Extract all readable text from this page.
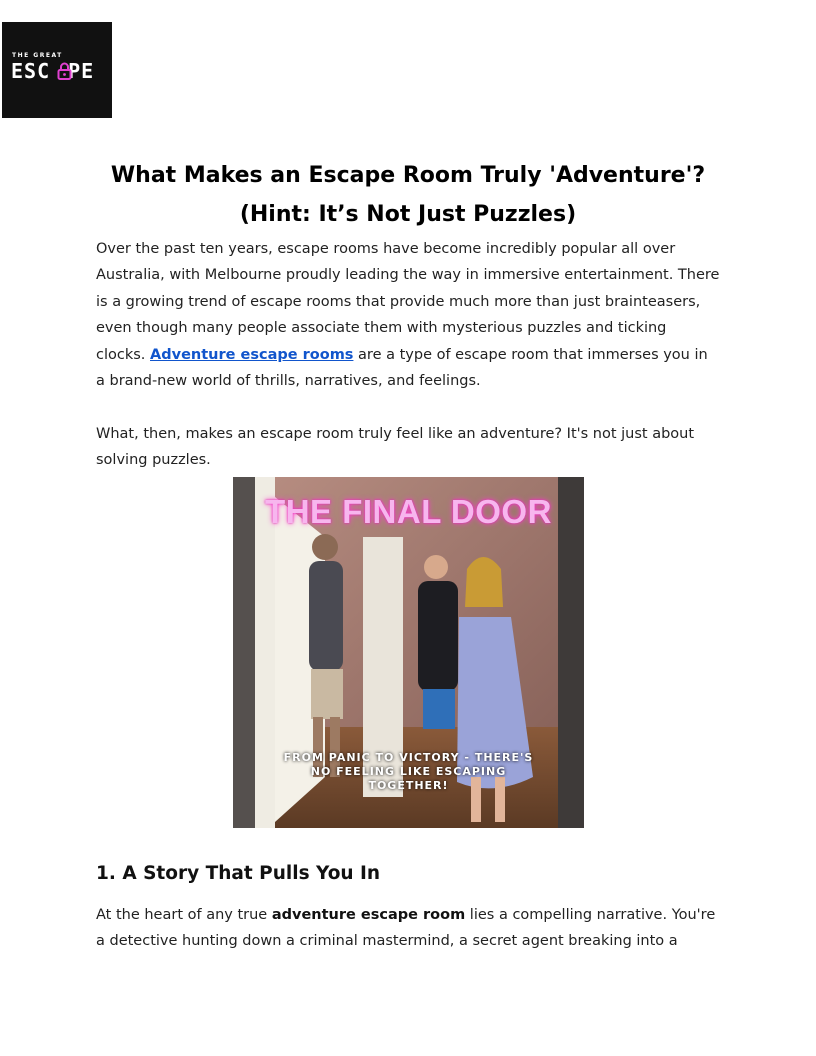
THE GREAT
ESC PE
What Makes an Escape Room Truly 'Adventure'?
(Hint: It’s Not Just Puzzles)

Over the past ten years, escape rooms have become incredibly popular all over Australia, with Melbourne proudly leading the way in immersive entertainment. There is a growing trend of escape rooms that provide much more than just brainteasers, even though many people associate them with mysterious puzzles and ticking clocks. Adventure escape rooms are a type of escape room that immerses you in a brand-new world of thrills, narratives, and feelings.

What, then, makes an escape room truly feel like an adventure? It's not just about solving puzzles.

THE FINAL DOOR
FROM PANIC TO VICTORY - THERE'S NO FEELING LIKE ESCAPING TOGETHER!
1. A Story That Pulls You In

At the heart of any true adventure escape room lies a compelling narrative. You're a detective hunting down a criminal mastermind, a secret agent breaking into a
